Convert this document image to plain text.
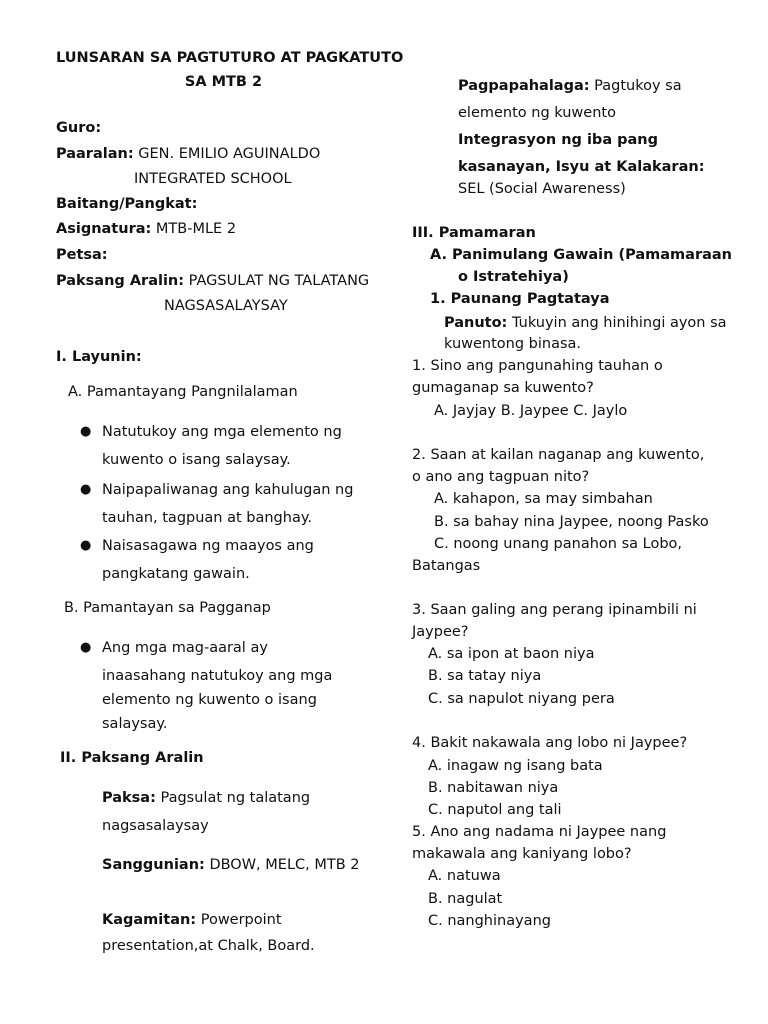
LUNSARAN SA PAGTUTURO AT PAGKATUTO
SA MTB 2
Guro:
Paaralan: GEN. EMILIO AGUINALDO
INTEGRATED SCHOOL
Baitang/Pangkat:
Asignatura: MTB-MLE 2
Petsa:
Paksang Aralin: PAGSULAT NG TALATANG
NAGSASALAYSAY
I. Layunin:
A. Pamantayang Pangnilalaman
● Natutukoy ang mga elemento ng
kuwento o isang salaysay.
● Naipapaliwanag ang kahulugan ng
tauhan, tagpuan at banghay.
● Naisasagawa ng maayos ang
pangkatang gawain.
B. Pamantayan sa Pagganap
● Ang mga mag-aaral ay
inaasahang natutukoy ang mga
elemento ng kuwento o isang
salaysay.
II. Paksang Aralin
Paksa: Pagsulat ng talatang
nagsasalaysay
Sanggunian: DBOW, MELC, MTB 2
Kagamitan: Powerpoint
presentation,at Chalk, Board.
Pagpapahalaga: Pagtukoy sa
elemento ng kuwento
Integrasyon ng iba pang
kasanayan, Isyu at Kalakaran:
SEL (Social Awareness)
III. Pamamaran
A. Panimulang Gawain (Pamamaraan
o Istratehiya)
1. Paunang Pagtataya
Panuto: Tukuyin ang hinihingi ayon sa
kuwentong binasa.
1. Sino ang pangunahing tauhan o
gumaganap sa kuwento?
A. Jayjay B. Jaypee C. Jaylo
2. Saan at kailan naganap ang kuwento,
o ano ang tagpuan nito?
A. kahapon, sa may simbahan
B. sa bahay nina Jaypee, noong Pasko
C. noong unang panahon sa Lobo,
Batangas
3. Saan galing ang perang ipinambili ni
Jaypee?
A. sa ipon at baon niya
B. sa tatay niya
C. sa napulot niyang pera
4. Bakit nakawala ang lobo ni Jaypee?
A. inagaw ng isang bata
B. nabitawan niya
C. naputol ang tali
5. Ano ang nadama ni Jaypee nang
makawala ang kaniyang lobo?
A. natuwa
B. nagulat
C. nanghinayang
